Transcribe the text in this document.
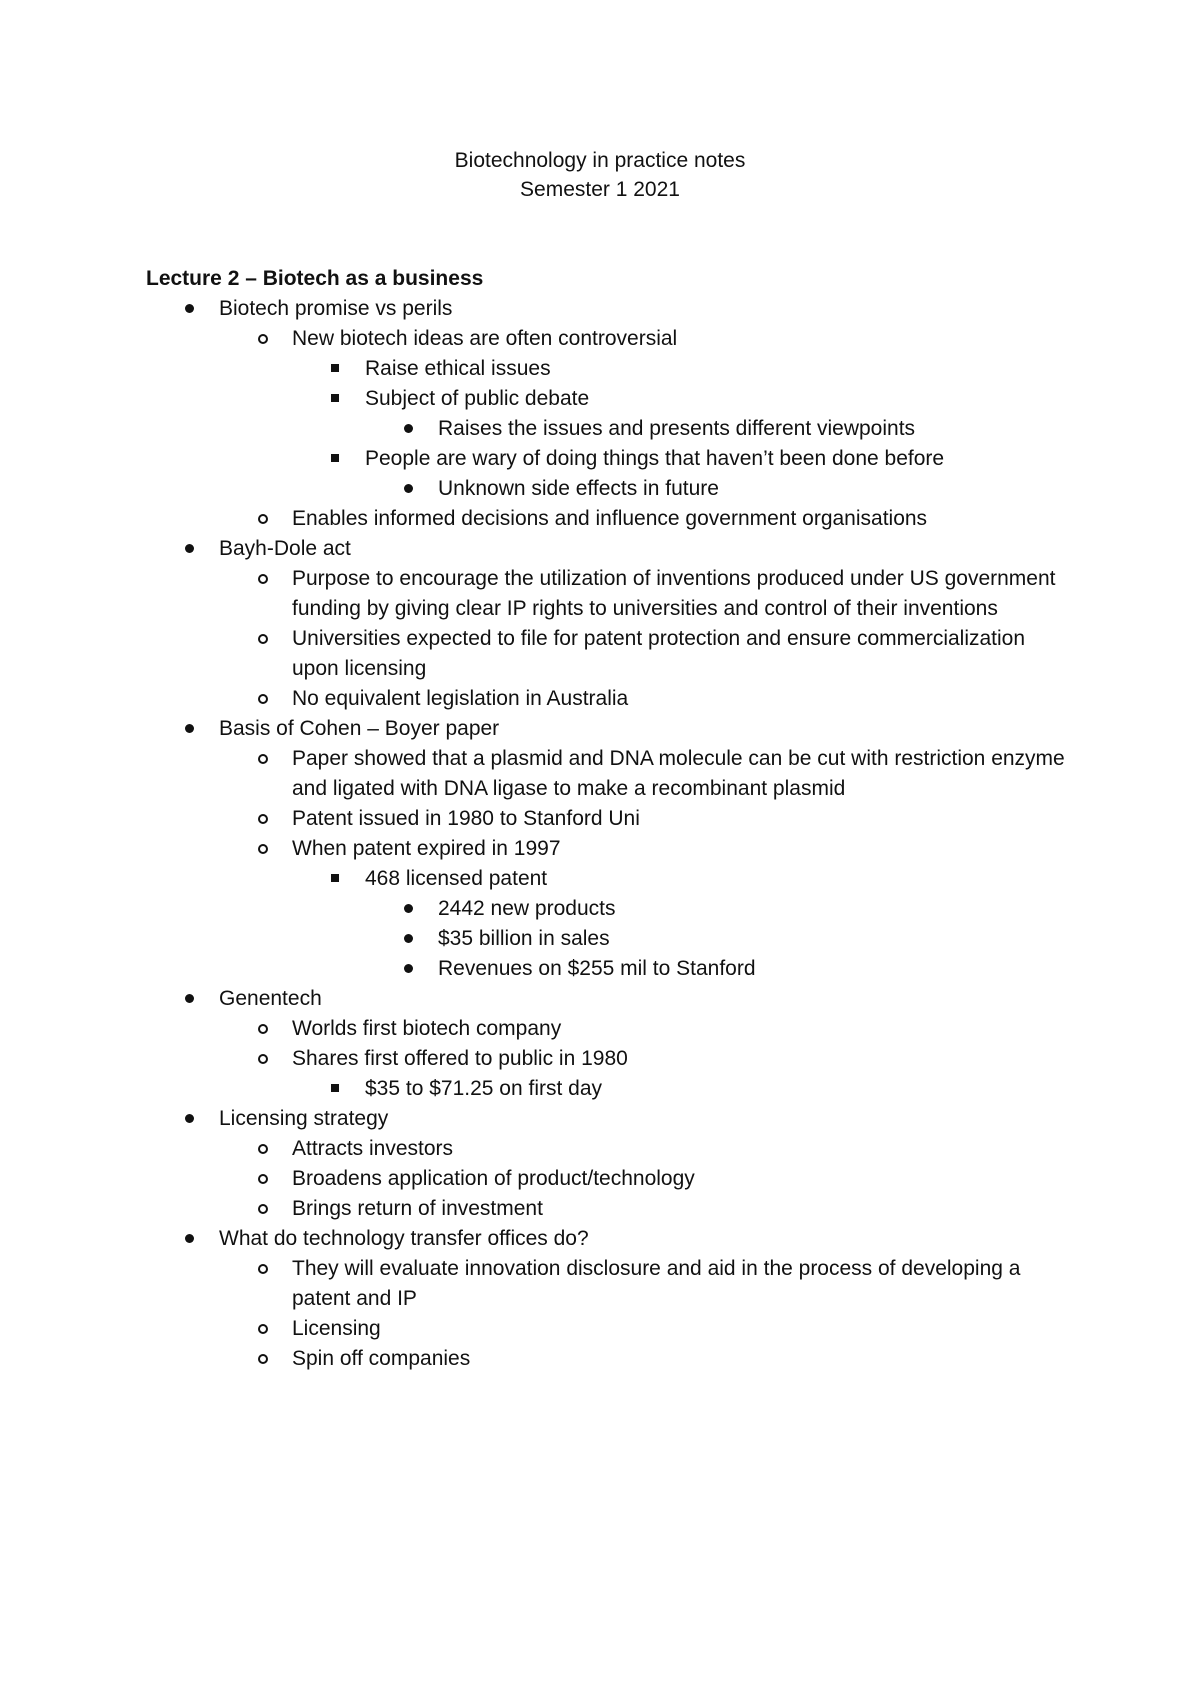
Biotechnology in practice notes
Semester 1 2021
Lecture 2 – Biotech as a business
Biotech promise vs perils
New biotech ideas are often controversial
Raise ethical issues
Subject of public debate
Raises the issues and presents different viewpoints
People are wary of doing things that haven’t been done before
Unknown side effects in future
Enables informed decisions and influence government organisations
Bayh-Dole act
Purpose to encourage the utilization of inventions produced under US government funding by giving clear IP rights to universities and control of their inventions
Universities expected to file for patent protection and ensure commercialization upon licensing
No equivalent legislation in Australia
Basis of Cohen – Boyer paper
Paper showed that a plasmid and DNA molecule can be cut with restriction enzyme and ligated with DNA ligase to make a recombinant plasmid
Patent issued in 1980 to Stanford Uni
When patent expired in 1997
468 licensed patent
2442 new products
$35 billion in sales
Revenues on $255 mil to Stanford
Genentech
Worlds first biotech company
Shares first offered to public in 1980
$35 to $71.25 on first day
Licensing strategy
Attracts investors
Broadens application of product/technology
Brings return of investment
What do technology transfer offices do?
They will evaluate innovation disclosure and aid in the process of developing a patent and IP
Licensing
Spin off companies
